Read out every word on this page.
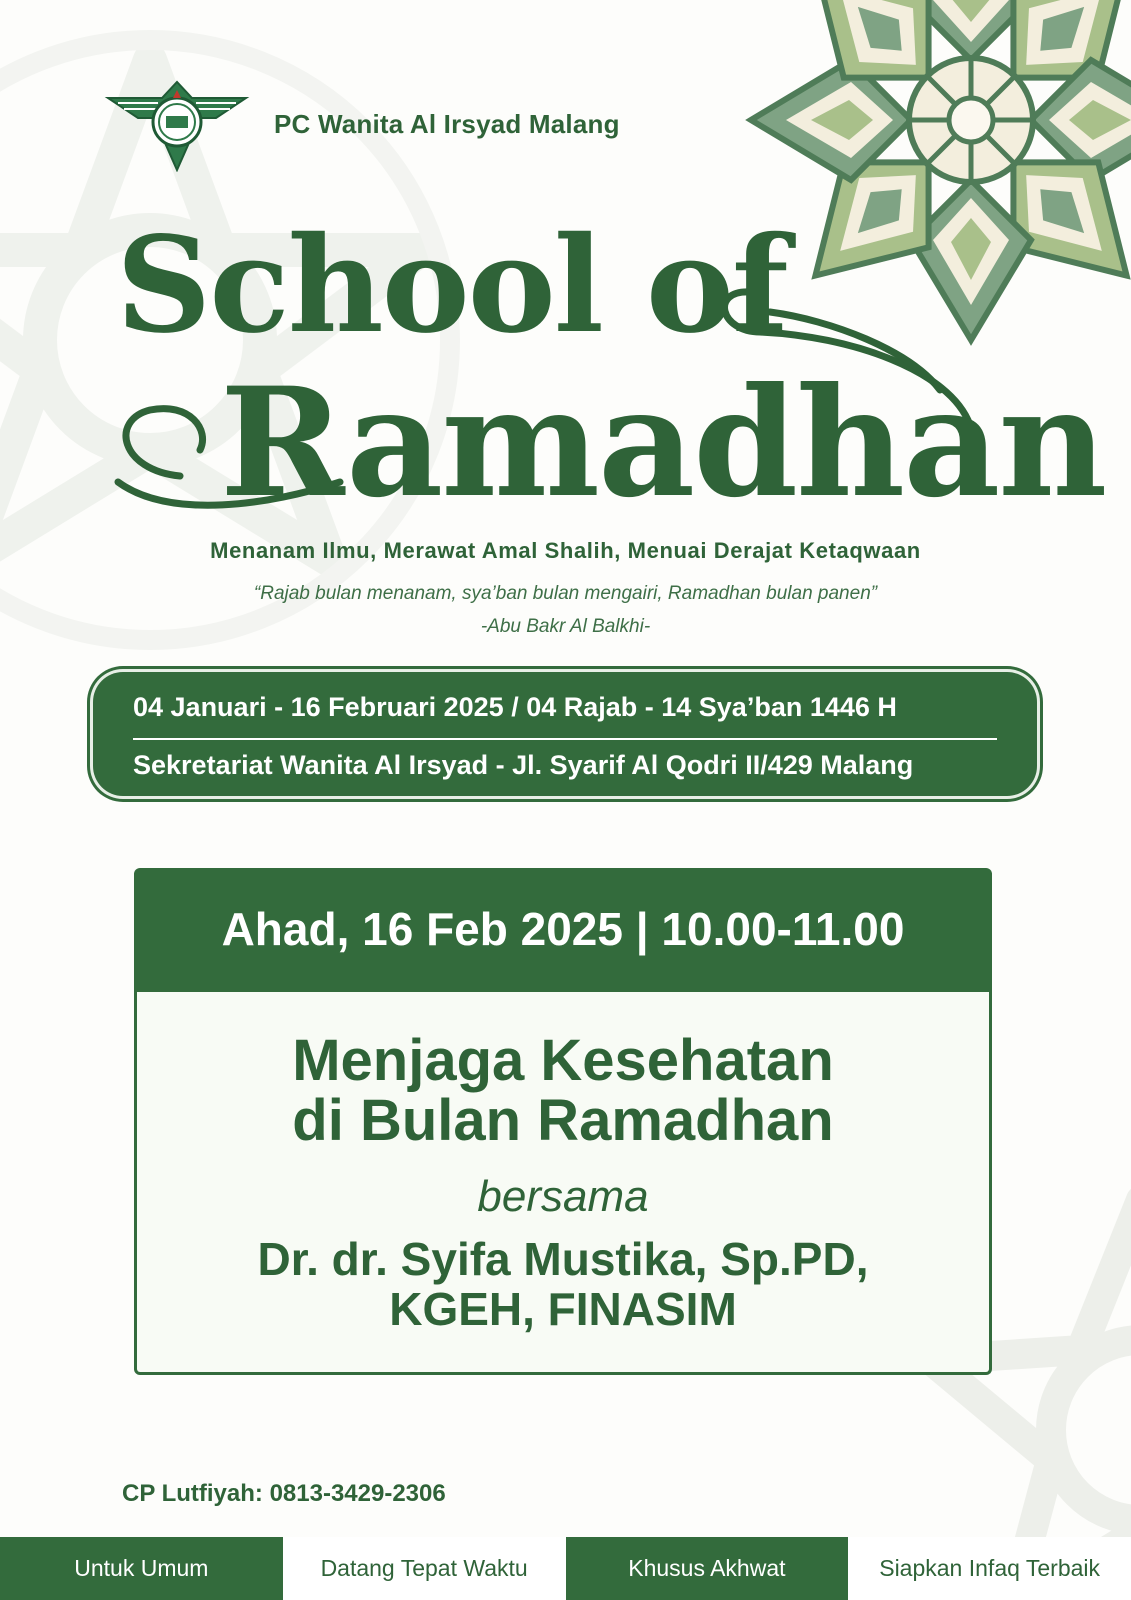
PC Wanita Al Irsyad Malang
School of
Ramadhan
Menanam Ilmu, Merawat Amal Shalih, Menuai Derajat Ketaqwaan
“Rajab bulan menanam, sya’ban bulan mengairi, Ramadhan bulan panen”
-Abu Bakr Al Balkhi-
04 Januari - 16 Februari 2025 / 04 Rajab - 14 Sya’ban 1446 H
Sekretariat Wanita Al Irsyad - Jl. Syarif Al Qodri II/429 Malang
Ahad, 16 Feb 2025 | 10.00-11.00
Menjaga Kesehatan
di Bulan Ramadhan
bersama
Dr. dr. Syifa Mustika, Sp.PD,
KGEH, FINASIM
CP Lutfiyah: 0813-3429-2306
Untuk Umum	Datang Tepat Waktu	Khusus Akhwat	Siapkan Infaq Terbaik
